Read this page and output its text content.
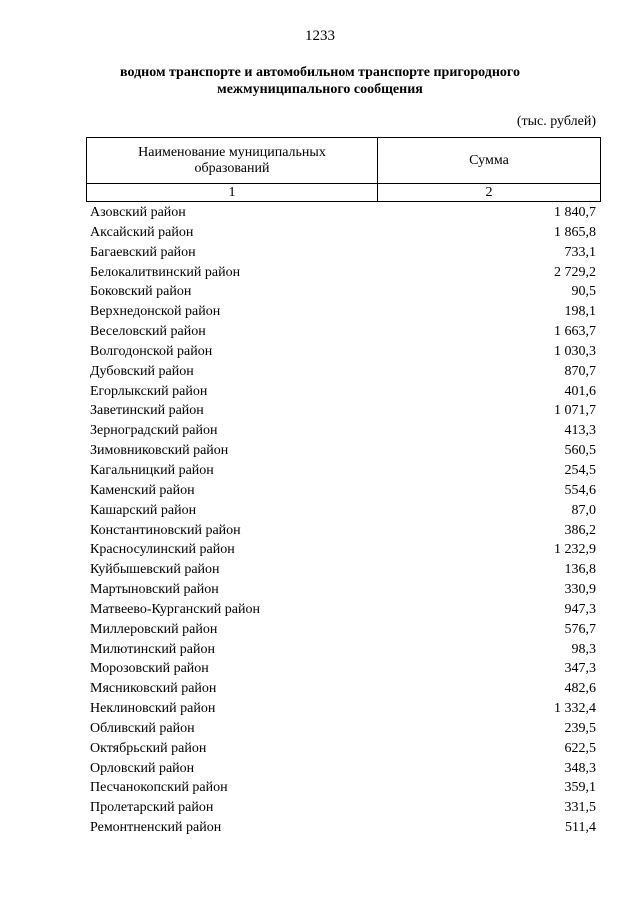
1233
водном транспорте и автомобильном транспорте пригородного
межмуниципального сообщения
(тыс. рублей)
Наименование муниципальных
образований	Сумма
1	2
Азовский район	1 840,7
Аксайский район	1 865,8
Багаевский район	733,1
Белокалитвинский район	2 729,2
Боковский район	90,5
Верхнедонской район	198,1
Веселовский район	1 663,7
Волгодонской район	1 030,3
Дубовский район	870,7
Егорлыкский район	401,6
Заветинский район	1 071,7
Зерноградский район	413,3
Зимовниковский район	560,5
Кагальницкий район	254,5
Каменский район	554,6
Кашарский район	87,0
Константиновский район	386,2
Красносулинский район	1 232,9
Куйбышевский район	136,8
Мартыновский район	330,9
Матвеево-Курганский район	947,3
Миллеровский район	576,7
Милютинский район	98,3
Морозовский район	347,3
Мясниковский район	482,6
Неклиновский район	1 332,4
Обливский район	239,5
Октябрьский район	622,5
Орловский район	348,3
Песчанокопский район	359,1
Пролетарский район	331,5
Ремонтненский район	511,4
